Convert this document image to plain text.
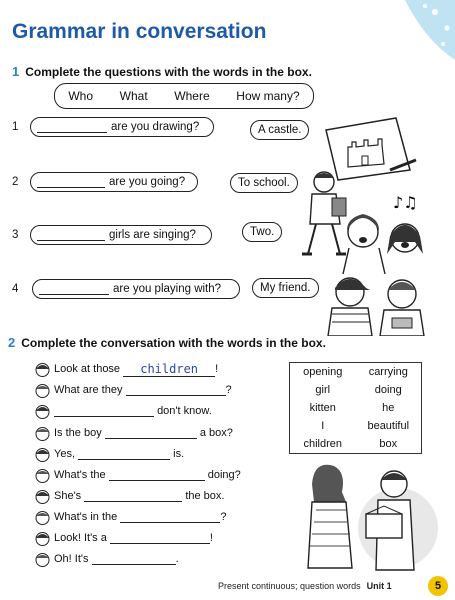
Grammar in conversation
1 Complete the questions with the words in the box.
Who What Where How many?
1	are you drawing?	A castle.
2	are you going?	To school.
3	girls are singing?	Two.
4	are you playing with?	My friend.
♪♫
2 Complete the conversation with the words in the box.
Look at those
	children	!
What are they
	?

don't know.
Is the boy

	a box?
Yes,

	is.
What's the

	doing?
She's

	the box.
What's in the
	?
Look! It's a
	!
Oh! It's
	.
opening	carrying
girl	doing
kitten	he
I	beautiful
children	box
Present continuous; question words Unit 1	5
